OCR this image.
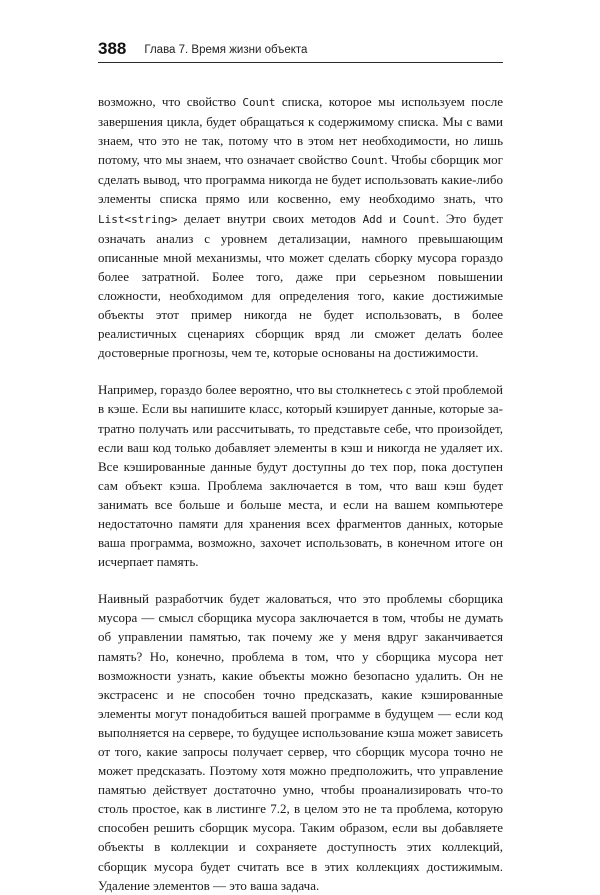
388 Глава 7. Время жизни объекта

возможно, что свойство Count списка, которое мы используем после завершения цикла, будет обращаться к содержимому списка. Мы с вами знаем, что это не так, потому что в этом нет необходимости, но лишь потому, что мы знаем, что означает свойство Count. Чтобы сборщик мог сделать вывод, что программа никогда не будет использовать какие-либо элементы списка прямо или косвенно, ему необходимо знать, что List<string> делает внутри своих методов Add и Count. Это будет означать анализ с уровнем детализации, намного превышающим описанные мной механизмы, что может сделать сборку мусора гораздо более затратной. Более того, даже при серьезном повышении сложности, необходимом для определения того, какие достижимые объекты этот пример никогда не будет использовать, в более реалистичных сценариях сборщик вряд ли сможет делать более достоверные прогнозы, чем те, которые основаны на достижимости.

Например, гораздо более вероятно, что вы столкнетесь с этой проблемой в кэше. Если вы напишите класс, который кэширует данные, которые затратно получать или рассчитывать, то представьте себе, что произойдет, если ваш код только добавляет элементы в кэш и никогда не удаляет их. Все кэшированные данные будут доступны до тех пор, пока доступен сам объект кэша. Проблема заключается в том, что ваш кэш будет занимать все больше и больше места, и если на вашем компьютере недостаточно памяти для хранения всех фрагментов данных, которые ваша программа, возможно, захочет использовать, в конечном итоге он исчерпает память.

Наивный разработчик будет жаловаться, что это проблемы сборщика мусора — смысл сборщика мусора заключается в том, чтобы не думать об управлении памятью, так почему же у меня вдруг заканчивается память? Но, конечно, проблема в том, что у сборщика мусора нет возможности узнать, какие объекты можно безопасно удалить. Он не экстрасенс и не способен точно предсказать, какие кэшированные элементы могут понадобиться вашей программе в будущем — если код выполняется на сервере, то будущее использование кэша может зависеть от того, какие запросы получает сервер, что сборщик мусора точно не может предсказать. Поэтому хотя можно предположить, что управление памятью действует достаточно умно, чтобы проанализировать что-то столь простое, как в листинге 7.2, в целом это не та проблема, которую способен решить сборщик мусора. Таким образом, если вы добавляете объекты в коллекции и сохраняете доступность этих коллекций, сборщик мусора будет считать все в этих коллекциях достижимым. Удаление элементов — это ваша задача.
